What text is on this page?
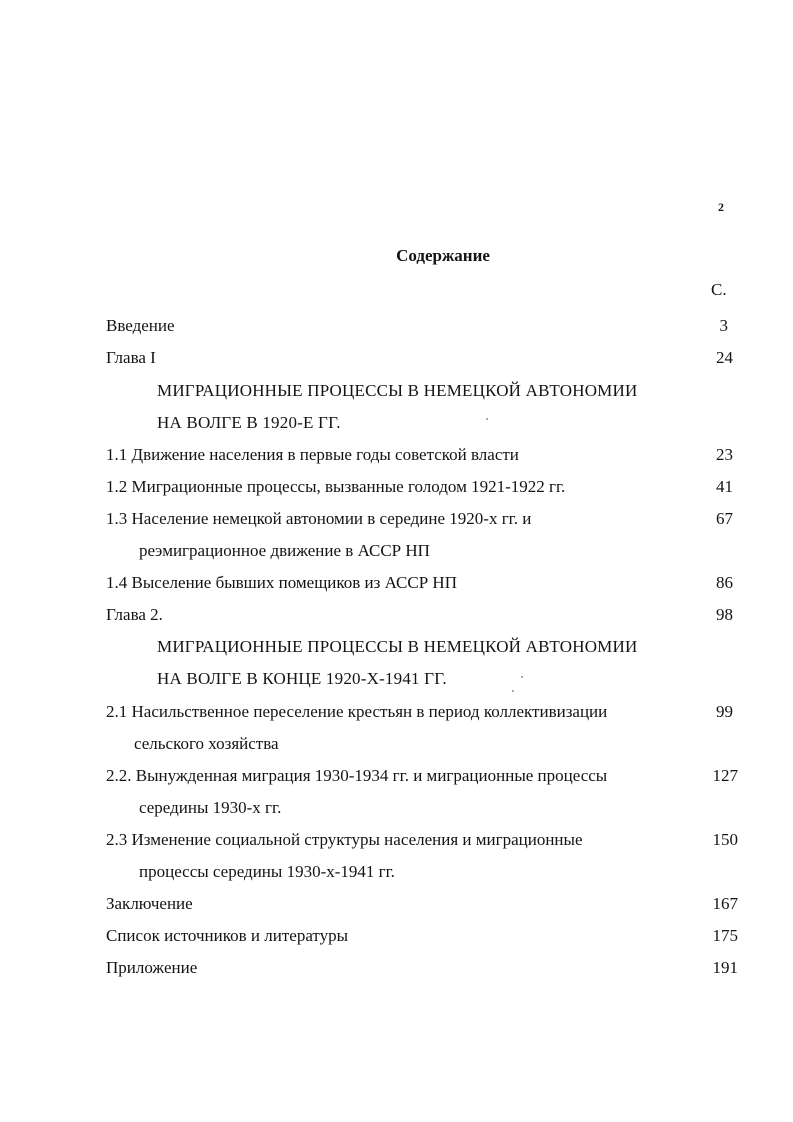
2
Содержание
С.
Введение	3
Глава I	24
МИГРАЦИОННЫЕ ПРОЦЕССЫ В НЕМЕЦКОЙ АВТОНОМИИ
НА ВОЛГЕ В 1920-Е ГГ.
1.1 Движение населения в первые годы советской власти	23
1.2 Миграционные процессы, вызванные голодом 1921-1922 гг.	41
1.3 Население немецкой автономии в середине 1920-х гг. и	67
реэмиграционное движение в АССР НП
1.4 Выселение бывших помещиков из АССР НП	86
Глава 2.	98
МИГРАЦИОННЫЕ ПРОЦЕССЫ В НЕМЕЦКОЙ АВТОНОМИИ
НА ВОЛГЕ В КОНЦЕ 1920-Х-1941 ГГ.
2.1 Насильственное переселение крестьян в период коллективизации	99
сельского хозяйства
2.2. Вынужденная миграция 1930-1934 гг. и миграционные процессы	127
середины 1930-х гг.
2.3 Изменение социальной структуры населения и миграционные	150
процессы середины 1930-х-1941 гг.
Заключение	167
Список источников и литературы	175
Приложение	191
